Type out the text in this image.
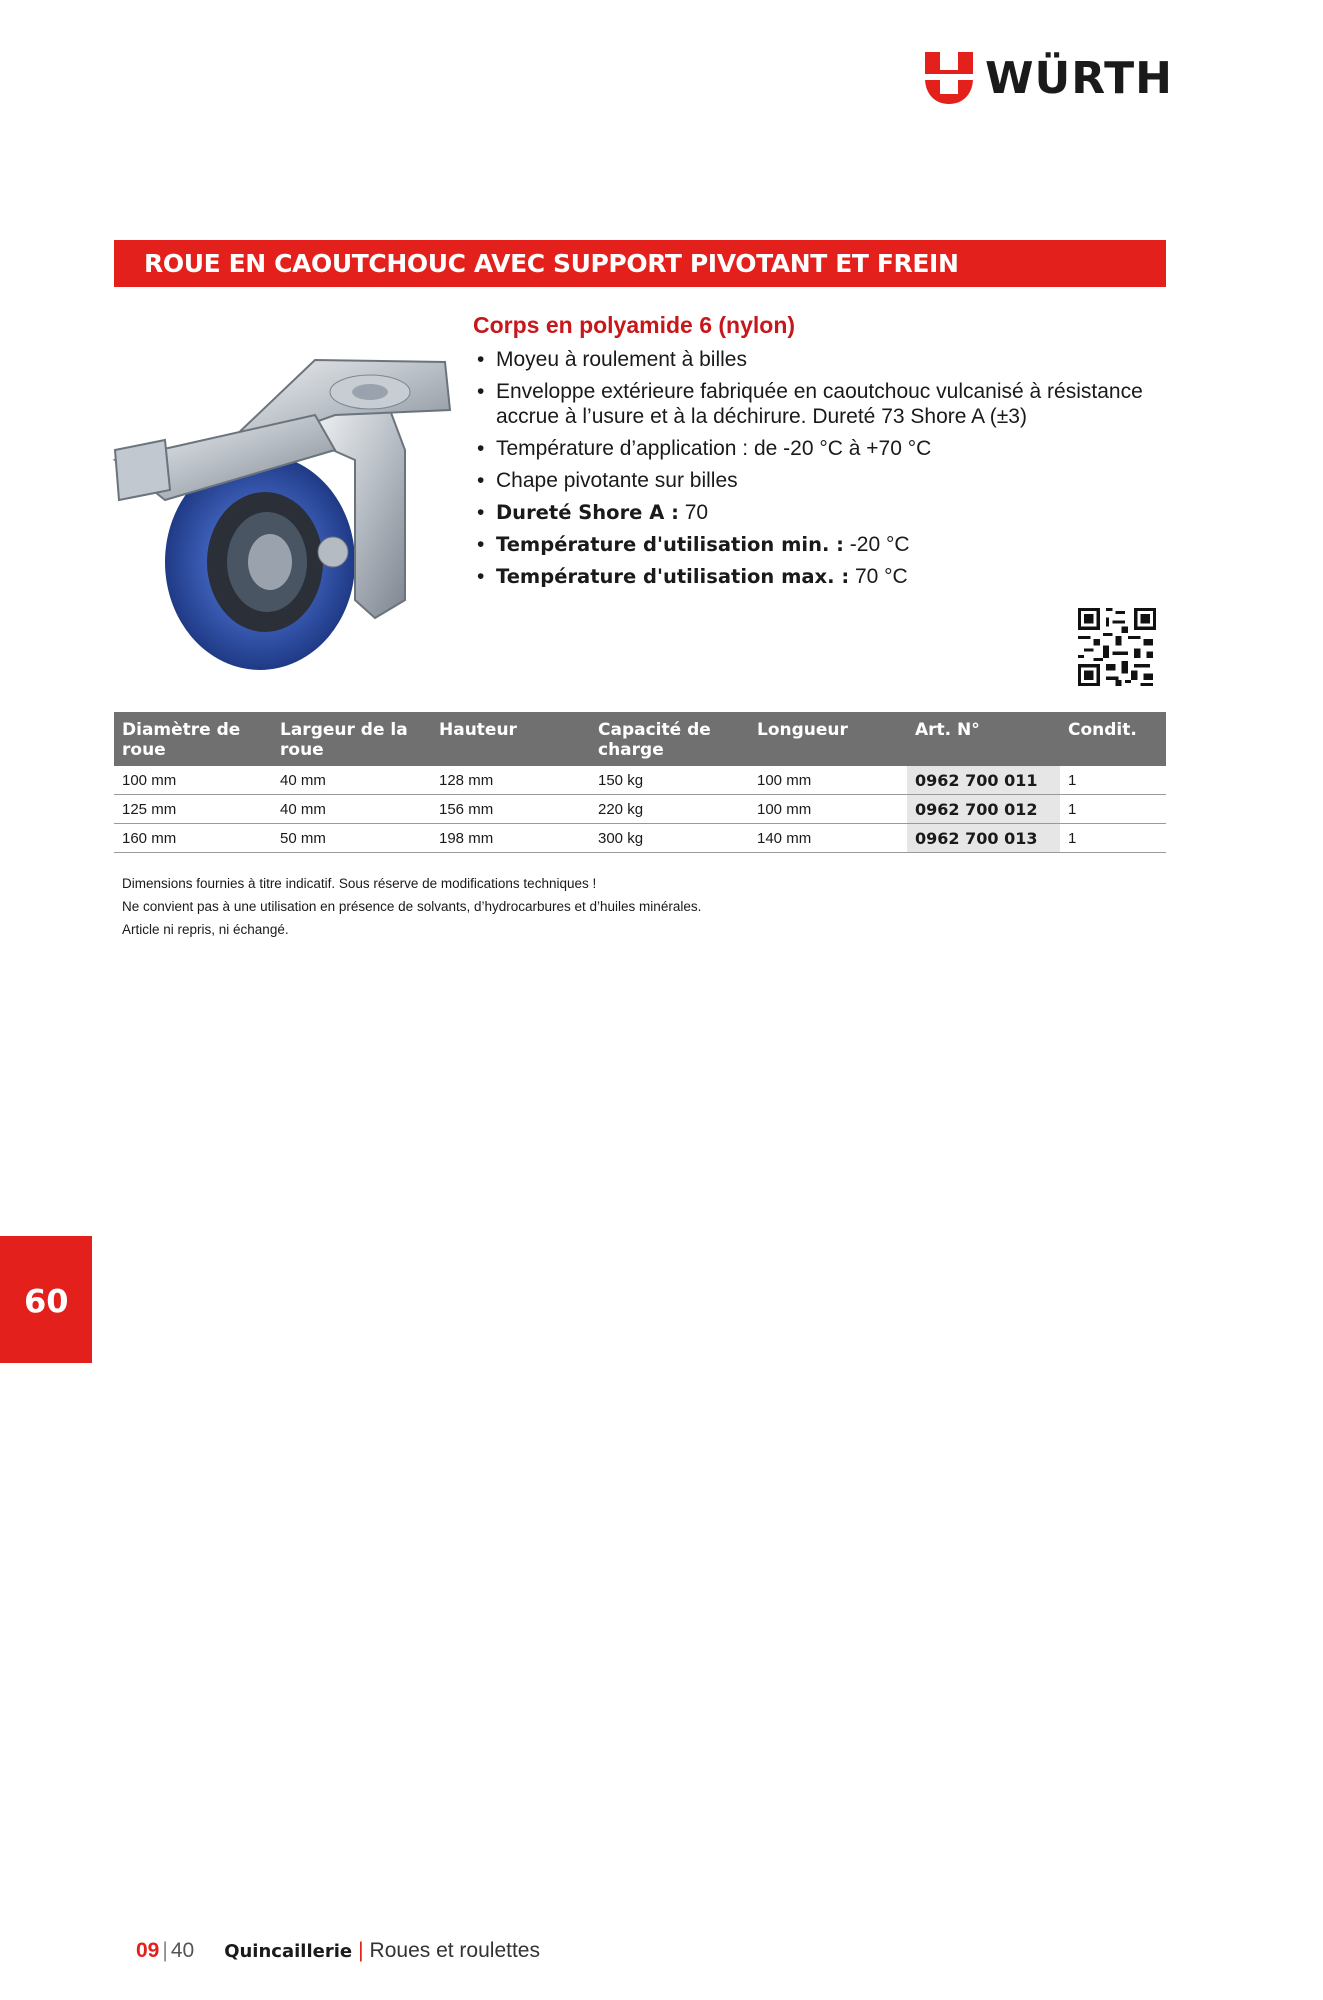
WÜRTH
ROUE EN CAOUTCHOUC AVEC SUPPORT PIVOTANT ET FREIN
Corps en polyamide 6 (nylon)
• Moyeu à roulement à billes
• Enveloppe extérieure fabriquée en caoutchouc vulcanisé à résistance accrue à l’usure et à la déchirure. Dureté 73 Shore A (±3)
• Température d’application : de -20 °C à +70 °C
• Chape pivotante sur billes
• Dureté Shore A : 70
• Température d'utilisation min. : -20 °C
• Température d'utilisation max. : 70 °C
Diamètre de roue	Largeur de la roue	Hauteur	Capacité de charge	Longueur	Art. N°	Condit.
100 mm	40 mm	128 mm	150 kg	100 mm	0962 700 011	1
125 mm	40 mm	156 mm	220 kg	100 mm	0962 700 012	1
160 mm	50 mm	198 mm	300 kg	140 mm	0962 700 013	1
Dimensions fournies à titre indicatif. Sous réserve de modifications techniques !
Ne convient pas à une utilisation en présence de solvants, d’hydrocarbures et d’huiles minérales.
Article ni repris, ni échangé.
09
09 | 40 Quincaillerie | Roues et roulettes
